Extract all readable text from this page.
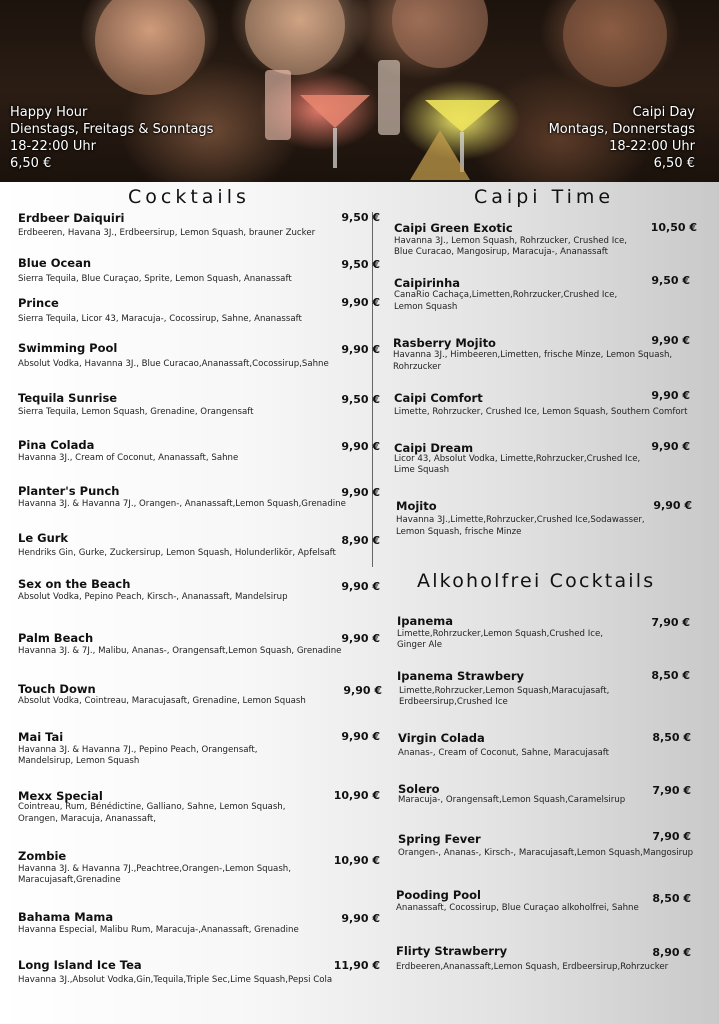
Happy Hour
Dienstags, Freitags & Sonntags
18-22:00 Uhr
6,50 €
Caipi Day
Montags, Donnerstags
18-22:00 Uhr
6,50 €
Cocktails	Caipi Time
Alkoholfrei Cocktails
Erdbeer Daiquiri	9,50 €
Erdbeeren, Havana 3J., Erdbeersirup, Lemon Squash, brauner Zucker
Blue Ocean	9,50 €
Sierra Tequila, Blue Curaçao, Sprite, Lemon Squash, Ananassaft
Prince	9,90 €
Sierra Tequila, Licor 43, Maracuja-, Cocossirup, Sahne, Ananassaft
Swimming Pool	9,90 €
Absolut Vodka, Havanna 3J., Blue Curacao,Ananassaft,Cocossirup,Sahne
Tequila Sunrise	9,50 €
Sierra Tequila, Lemon Squash, Grenadine, Orangensaft
Pina Colada	9,90 €
Havanna 3J., Cream of Coconut, Ananassaft, Sahne
Planter's Punch	9,90 €
Havanna 3J. & Havanna 7J., Orangen-, Ananassaft,Lemon Squash,Grenadine
Le Gurk	8,90 €
Hendriks Gin, Gurke, Zuckersirup, Lemon Squash, Holunderlikör, Apfelsaft
Sex on the Beach	9,90 €
Absolut Vodka, Pepino Peach, Kirsch-, Ananassaft, Mandelsirup
Palm Beach	9,90 €
Havanna 3J. & 7J., Malibu, Ananas-, Orangensaft,Lemon Squash, Grenadine
Touch Down	9,90 €
Absolut Vodka, Cointreau, Maracujasaft, Grenadine, Lemon Squash
Mai Tai	9,90 €
Havanna 3J. & Havanna 7J., Pepino Peach, Orangensaft,
Mandelsirup, Lemon Squash
Mexx Special	10,90 €
Cointreau, Rum, Bénédictine, Galliano, Sahne, Lemon Squash,
Orangen, Maracuja, Ananassaft,
Zombie	10,90 €
Havanna 3J. & Havanna 7J.,Peachtree,Orangen-,Lemon Squash,
Maracujasaft,Grenadine
Bahama Mama	9,90 €
Havanna Especial, Malibu Rum, Maracuja-,Ananassaft, Grenadine
Long Island Ice Tea	11,90 €
Havanna 3J.,Absolut Vodka,Gin,Tequila,Triple Sec,Lime Squash,Pepsi Cola
Caipi Green Exotic	10,50 €
Havanna 3J., Lemon Squash, Rohrzucker, Crushed Ice,
Blue Curacao, Mangosirup, Maracuja-, Ananassaft
Caipirinha	9,50 €
CanaRio Cachaça,Limetten,Rohrzucker,Crushed Ice,
Lemon Squash
Rasberry Mojito	9,90 €
Havanna 3J., Himbeeren,Limetten, frische Minze, Lemon Squash,
Rohrzucker
Caipi Comfort	9,90 €
Limette, Rohrzucker, Crushed Ice, Lemon Squash, Southern Comfort
Caipi Dream	9,90 €
Licor 43, Absolut Vodka, Limette,Rohrzucker,Crushed Ice,
Lime Squash
Mojito	9,90 €
Havanna 3J.,Limette,Rohrzucker,Crushed Ice,Sodawasser,
Lemon Squash, frische Minze
Ipanema	7,90 €
Limette,Rohrzucker,Lemon Squash,Crushed Ice,
Ginger Ale
Ipanema Strawbery	8,50 €
Limette,Rohrzucker,Lemon Squash,Maracujasaft,
Erdbeersirup,Crushed Ice
Virgin Colada	8,50 €
Ananas-, Cream of Coconut, Sahne, Maracujasaft
Solero	7,90 €
Maracuja-, Orangensaft,Lemon Squash,Caramelsirup
Spring Fever	7,90 €
Orangen-, Ananas-, Kirsch-, Maracujasaft,Lemon Squash,Mangosirup
Pooding Pool	8,50 €
Ananassaft, Cocossirup, Blue Curaçao alkoholfrei, Sahne
Flirty Strawberry	8,90 €
Erdbeeren,Ananassaft,Lemon Squash, Erdbeersirup,Rohrzucker
